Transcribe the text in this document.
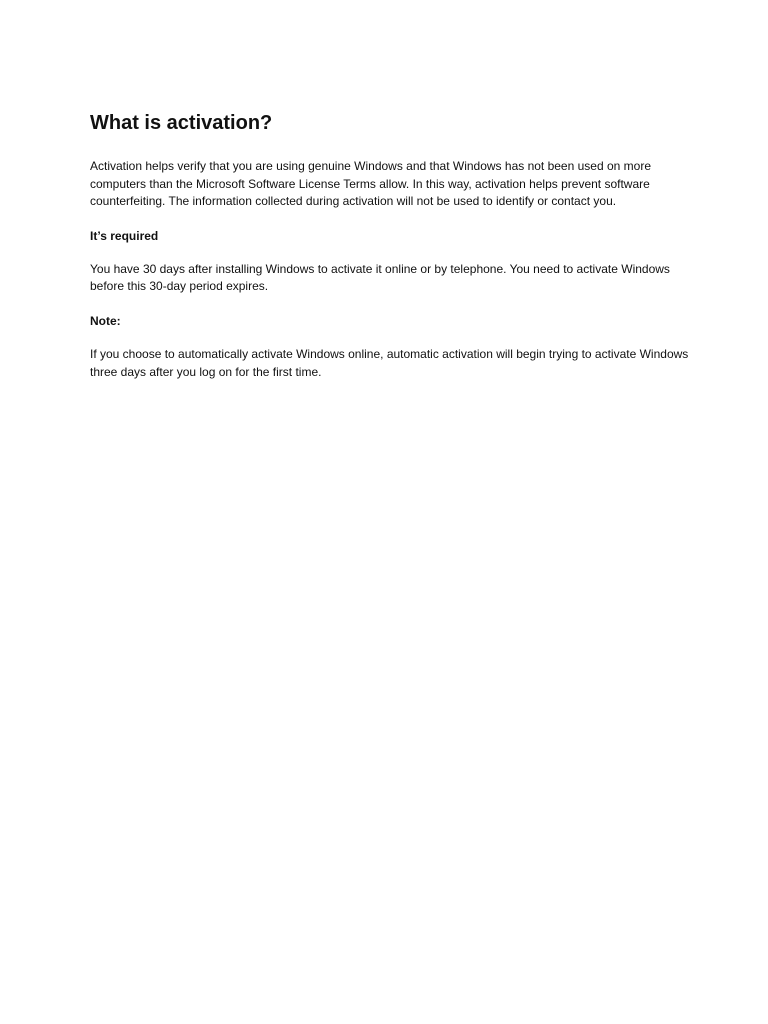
What is activation?

Activation helps verify that you are using genuine Windows and that Windows has not been used on more computers than the Microsoft Software License Terms allow. In this way, activation helps prevent software counterfeiting. The information collected during activation will not be used to identify or contact you.

It’s required

You have 30 days after installing Windows to activate it online or by telephone. You need to activate Windows before this 30-day period expires.

Note:

If you choose to automatically activate Windows online, automatic activation will begin trying to activate Windows three days after you log on for the first time.
